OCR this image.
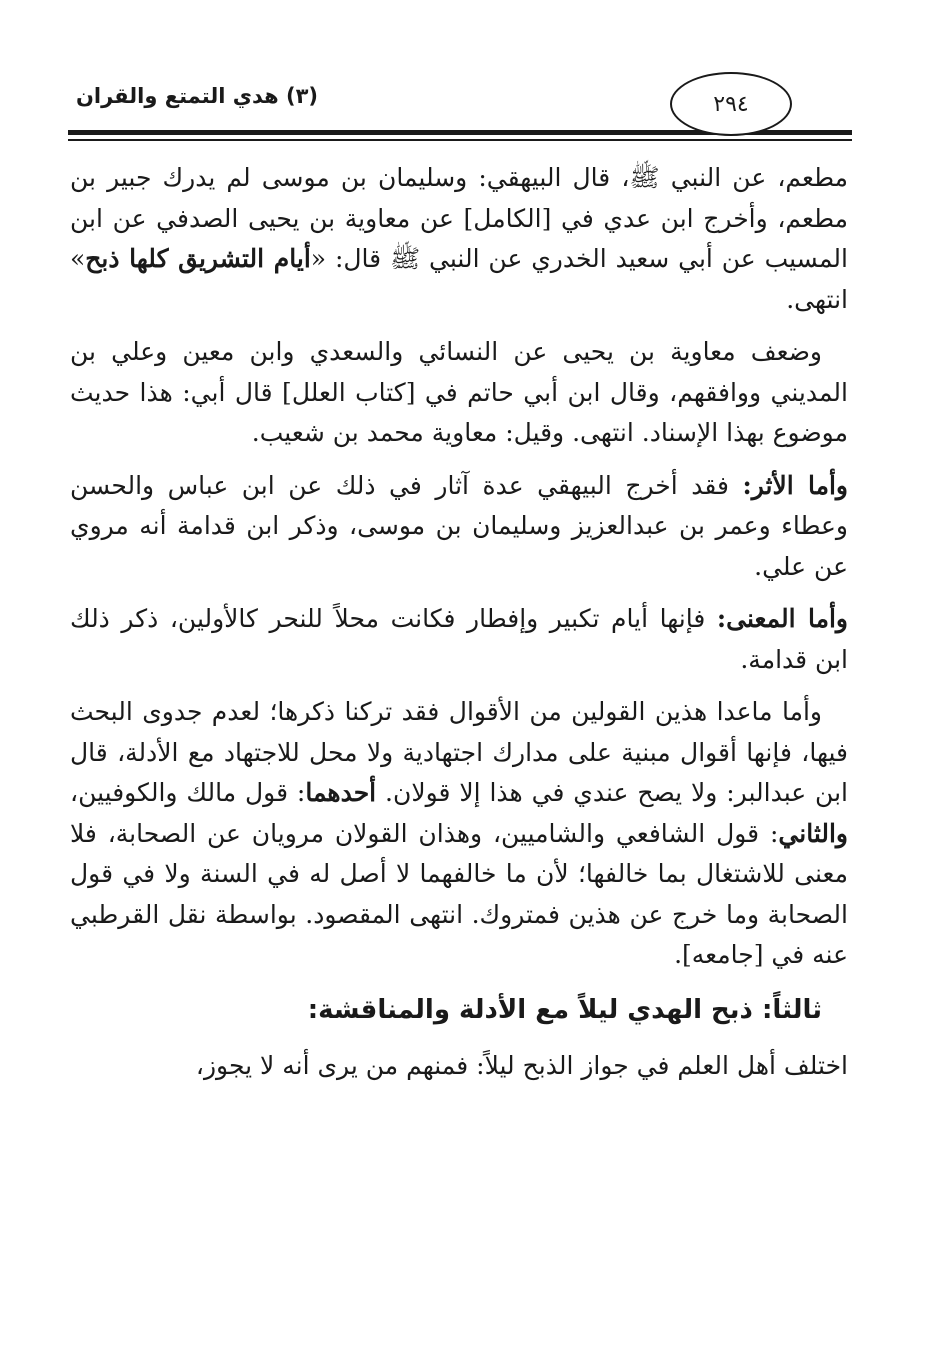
(٣) هدي التمتع والقران	٢٩٤

مطعم، عن النبي ﷺ، قال البيهقي: وسليمان بن موسى لم يدرك جبير بن مطعم، وأخرج ابن عدي في [الكامل] عن معاوية بن يحيى الصدفي عن ابن المسيب عن أبي سعيد الخدري عن النبي ﷺ قال: «أيام التشريق كلها ذبح» انتهى.

وضعف معاوية بن يحيى عن النسائي والسعدي وابن معين وعلي بن المديني ووافقهم، وقال ابن أبي حاتم في [كتاب العلل] قال أبي: هذا حديث موضوع بهذا الإسناد. انتهى. وقيل: معاوية محمد بن شعيب.

وأما الأثر: فقد أخرج البيهقي عدة آثار في ذلك عن ابن عباس والحسن وعطاء وعمر بن عبدالعزيز وسليمان بن موسى، وذكر ابن قدامة أنه مروي عن علي.

وأما المعنى: فإنها أيام تكبير وإفطار فكانت محلاً للنحر كالأولين، ذكر ذلك ابن قدامة.

وأما ماعدا هذين القولين من الأقوال فقد تركنا ذكرها؛ لعدم جدوى البحث فيها، فإنها أقوال مبنية على مدارك اجتهادية ولا محل للاجتهاد مع الأدلة، قال ابن عبدالبر: ولا يصح عندي في هذا إلا قولان. أحدهما: قول مالك والكوفيين، والثاني: قول الشافعي والشاميين، وهذان القولان مرويان عن الصحابة، فلا معنى للاشتغال بما خالفها؛ لأن ما خالفهما لا أصل له في السنة ولا في قول الصحابة وما خرج عن هذين فمتروك. انتهى المقصود. بواسطة نقل القرطبي عنه في [جامعه].

ثالثاً: ذبح الهدي ليلاً مع الأدلة والمناقشة:

اختلف أهل العلم في جواز الذبح ليلاً: فمنهم من يرى أنه لا يجوز،
